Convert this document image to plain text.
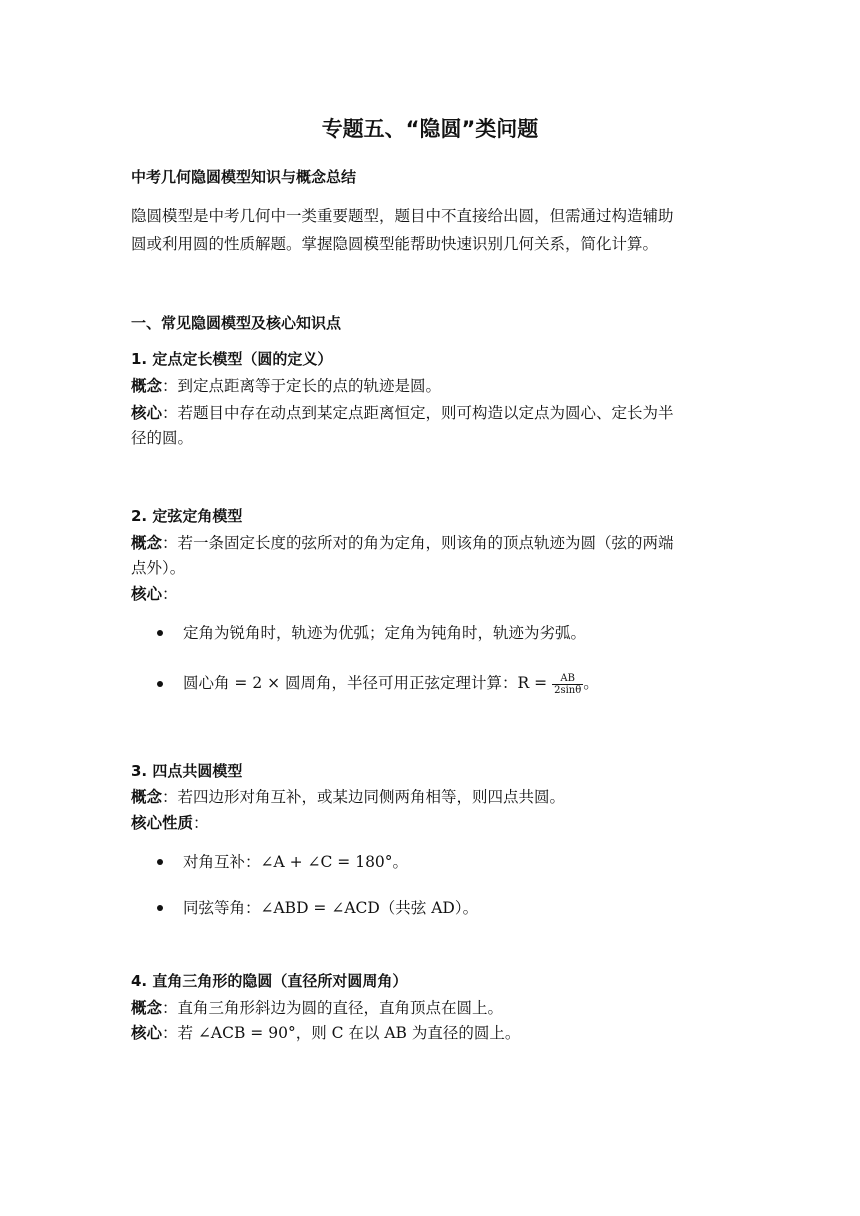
专题五、“隐圆”类问题
中考几何隐圆模型知识与概念总结
隐圆模型是中考几何中一类重要题型，题目中不直接给出圆，但需通过构造辅助
圆或利用圆的性质解题。掌握隐圆模型能帮助快速识别几何关系，简化计算。
一、常见隐圆模型及核心知识点
1. 定点定长模型（圆的定义）
概念：到定点距离等于定长的点的轨迹是圆。
核心：若题目中存在动点到某定点距离恒定，则可构造以定点为圆心、定长为半
径的圆。
2. 定弦定角模型
概念：若一条固定长度的弦所对的角为定角，则该角的顶点轨迹为圆（弦的两端
点外）。
核心：
定角为锐角时，轨迹为优弧；定角为钝角时，轨迹为劣弧。
圆心角 = 2 × 圆周角，半径可用正弦定理计算：$R = \frac{AB}{2\sin\theta}$ 。
3. 四点共圆模型
概念：若四边形对角互补，或某边同侧两角相等，则四点共圆。
核心性质：
对角互补：∠A + ∠C = 180°。
同弦等角：∠ABD = ∠ACD（共弦 AD）。
4. 直角三角形的隐圆（直径所对圆周角）
概念：直角三角形斜边为圆的直径，直角顶点在圆上。
核心：若 ∠ACB = 90°，则 C 在以 AB 为直径的圆上。
